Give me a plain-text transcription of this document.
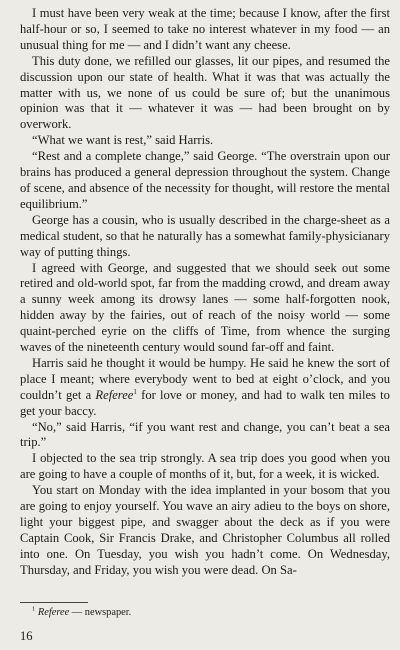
I must have been very weak at the time; because I know, after the first half-hour or so, I seemed to take no interest whatever in my food — an unusual thing for me — and I didn’t want any cheese.

This duty done, we refilled our glasses, lit our pipes, and resumed the discussion upon our state of health. What it was that was actually the matter with us, we none of us could be sure of; but the unanimous opinion was that it — whatever it was — had been brought on by overwork.

“What we want is rest,” said Harris.

“Rest and a complete change,” said George. “The overstrain upon our brains has produced a general depression throughout the system. Change of scene, and absence of the necessity for thought, will restore the mental equilibrium.”

George has a cousin, who is usually described in the charge-sheet as a medical student, so that he naturally has a somewhat family-physicianary way of putting things.

I agreed with George, and suggested that we should seek out some retired and old-world spot, far from the madding crowd, and dream away a sunny week among its drowsy lanes — some half-forgotten nook, hidden away by the fairies, out of reach of the noisy world — some quaint-perched eyrie on the cliffs of Time, from whence the surging waves of the nineteenth century would sound far-off and faint.

Harris said he thought it would be humpy. He said he knew the sort of place I meant; where everybody went to bed at eight o’clock, and you couldn’t get a Referee$^1$ for love or money, and had to walk ten miles to get your baccy.

“No,” said Harris, “if you want rest and change, you can’t beat a sea trip.”

I objected to the sea trip strongly. A sea trip does you good when you are going to have a couple of months of it, but, for a week, it is wicked.

You start on Monday with the idea implanted in your bosom that you are going to enjoy yourself. You wave an airy adieu to the boys on shore, light your biggest pipe, and swagger about the deck as if you were Captain Cook, Sir Francis Drake, and Christopher Columbus all rolled into one. On Tuesday, you wish you hadn’t come. On Wednesday, Thursday, and Friday, you wish you were dead. On Sa-

$^1$ Referee — newspaper.
16
